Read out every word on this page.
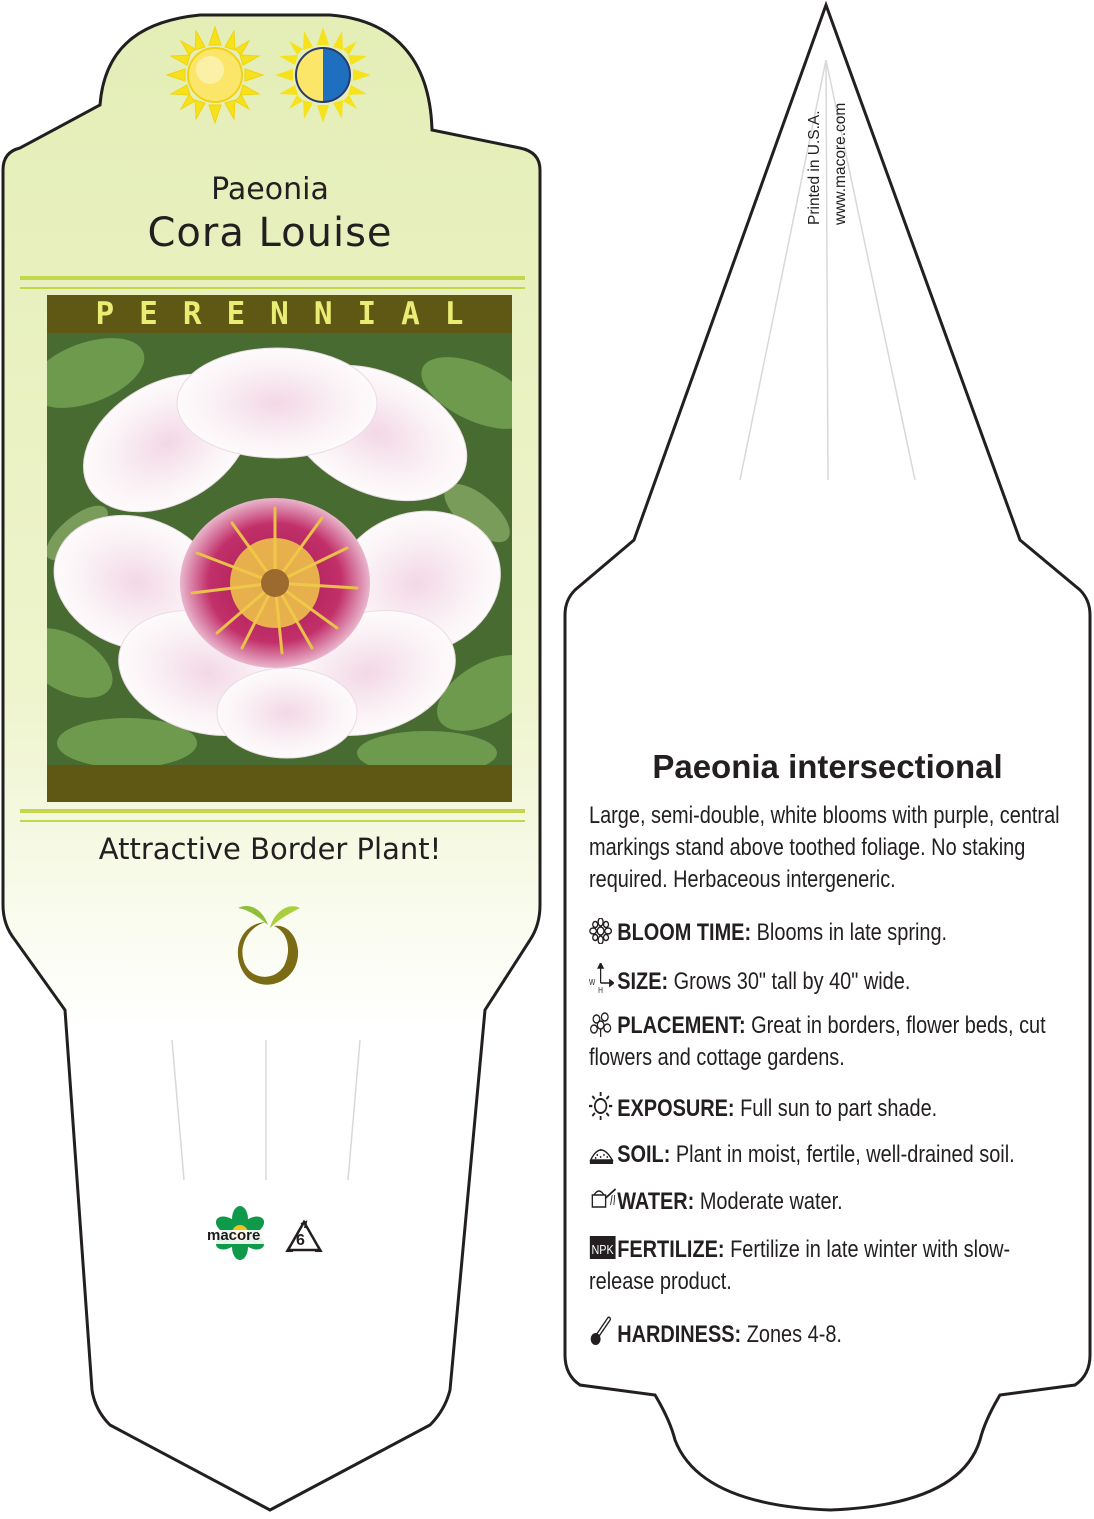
Paeonia
Cora Louise
PERENNIAL
Attractive Border Plant!
macore 6
Printed in U.S.A. www.macore.com
Paeonia intersectional
Large, semi-double, white blooms with purple, central markings stand above toothed foliage. No staking required. Herbaceous intergeneric.
BLOOM TIME: Blooms in late spring.
W
H SIZE: Grows 30" tall by 40" wide.
PLACEMENT: Great in borders, flower beds, cut flowers and cottage gardens.
EXPOSURE: Full sun to part shade.
SOIL: Plant in moist, fertile, well-drained soil.
WATER: Moderate water.
NPK FERTILIZE: Fertilize in late winter with slow-release product.
HARDINESS: Zones 4-8.
